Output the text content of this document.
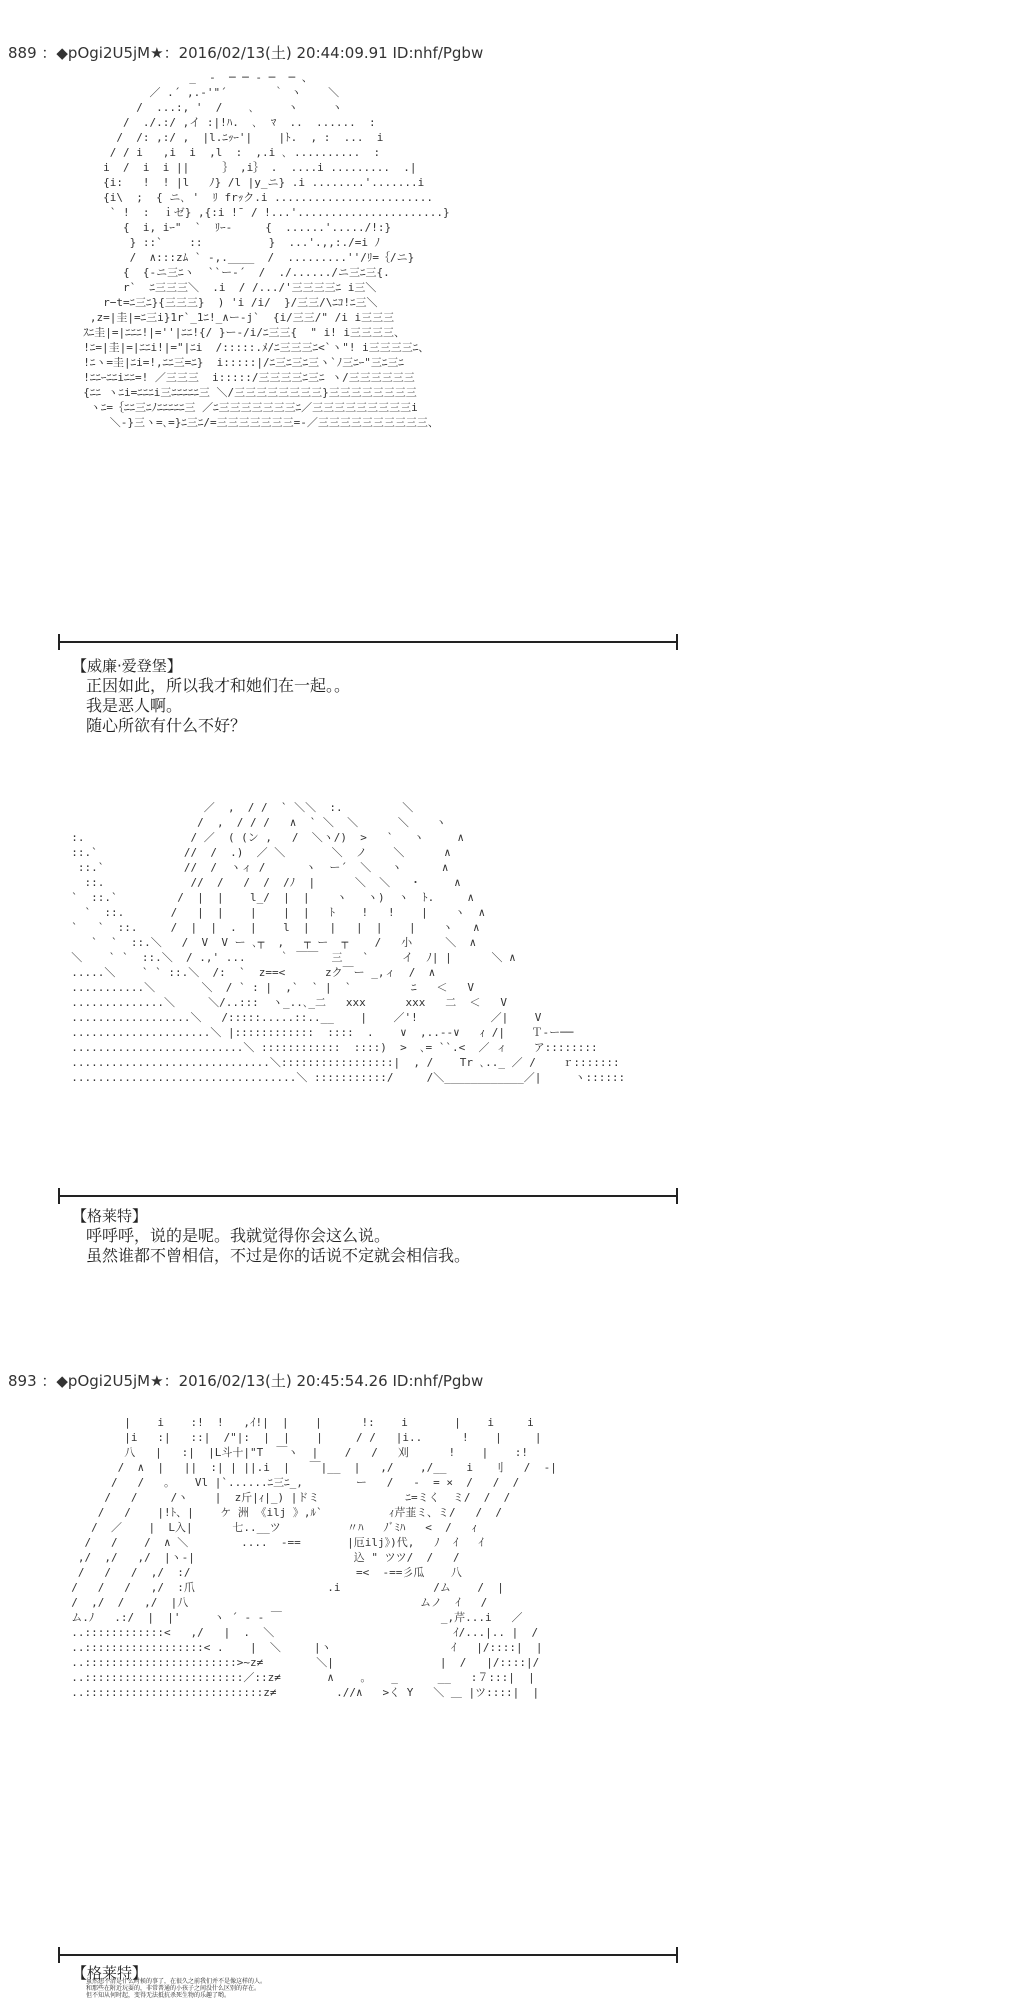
889 ：◆pOgi2U5jM★：2016/02/13(土) 20:44:09.91 ID:nhf/Pgbw
_  -  ─ ─ ‐ ─  ─ 、
／ .´ ,.‐'"´       ｀ ヽ    ＼
/  ...:, '  /    ､     ヽ     ヽ
/  ./.:/ ,イ :|!ﾊ.  ､  ﾏ  ..  ......  :
/  /: ,:/ ,  |l.ﾆｯｰ'|    |ﾄ.  , :  ...  i
/ / i   ,i  i  ,l  :  ,.i ､ ..........  :
i  /  i  i ||     ｝ ,i｝ .  ....i .........  .|
{i:   !  ! |l   ﾉ} /l |y_ニ} .i ........'.......i
{i\  ;  { ニ､ '  ﾘ frｯク.i ........................
` !  :  ｉゼ} ,{:i !¯ / !...'......................}
{  i, iｰ"  `  ﾘｰ-     {  ......'...../!:}
} ::`    ::          }  ...'.,,:./=i ﾉ
/  ∧:::zﾑ ` -,.____  /  .........''/ﾘ=｛/ニ}
{  {-ニ三ﾆヽ  ``ー‐´  /  ./....../ニ三ﾆ三{.
r`  ﾆ三三三＼  .i  / /.../'三三三三ﾆ i三＼
r−t=ﾆ三ﾆ}{三三三}  ) 'i /i/  }/三三/\ﾆｺ!ﾆ三＼
,z=|圭|=ﾆ三i}1r`_1ﾆ!_∧ー-j`  {i/三三/" /i i三三三
ｽﾆ圭|=|ﾆﾆﾆ!|=''|ﾆﾆ!{/ }ー-/i/ﾆ三三{  " i! i三三三三、
!ﾆ=|圭|=|ﾆﾆi!|="|ﾆi  /:::::.ﾒ/ﾆ三三三ﾆ<`ヽ"! i三三三三ﾆ、
!ﾆヽ=圭|ﾆi=!,ﾆﾆ三=ﾆ}  i:::::|/ﾆ三ﾆ三ﾆ三ヽ`ﾉ三ﾆｰ"三ﾆ三ﾆ
!ﾆﾆｰﾆﾆiﾆﾆ=! ／三三三  i:::::/三三三三ﾆ三ﾆ ヽ/三三三三三三
{ﾆﾆ ヽﾆi=ﾆﾆﾆi三ﾆﾆﾆﾆﾆ三 ＼/三三三三三三三三}三三三三三三三三
ヽﾆ=｛ﾆﾆ三ﾆﾉﾆﾆﾆﾆﾆ三 ／ﾆ三三三三三三三ﾆ／三三三三三三三三三i
＼-}三ヽ=､=}ﾆ三ﾆ/=三三三三三三三=-／三三三三三三三三三三、
【威廉·爱登堡】
正因如此，所以我才和她们在一起。。
我是恶人啊。
随心所欲有什么不好？
／  ,  / /  ` ＼＼  :.         ＼
/  ,  / / /   ∧  ` ＼  ＼      ＼    ヽ
:.                / ／  ( (ン ,   /  ＼ヽ/)  >   `   ヽ     ∧
::.`             //  /  .)  ／ ＼       ＼  ノ    ＼      ∧
::.`            //  /  ヽィ /      ヽ  ー´  ＼   ヽ      ∧
::.             //  /   /  /  /ﾉ  |      ＼  ＼   ・     ∧
`  ::.`         /  |  |    l_/  |  |    ヽ   ヽ)  ヽ  ﾄ.     ∧
`  ::.       /   |  |    |    |  |   ﾄ    !   !    |    ヽ  ∧
`   `  ::.     /  |  |  .  |    l  |   |   |  |    |    ヽ   ∧
`  `  ::.＼   /  V  V ー ､┬  ,   ┬ ー  ┬    /   小     ＼  ∧
＼    ` `  ::.＼  / .,' ...     ｀ ￣￣  三   `     イ  ﾉ| |      ＼ ∧
.....＼    ` ` ::.＼  /:  `  z==<      zク￣ー _,ィ  /  ∧
...........＼       ＼  / ` : |  ,`  ` |  `         ﾆ   ＜   V
..............＼     ＼/..:::  ヽ_..､_二   xxx      xxx   二  ＜   V
..................＼   /:::::.....::..__    |    ／'!           ／|    V
.....................＼ |::::::::::::  ::::  .    ∨  ,..‐‐∨   ｨ /|    Ｔ-ー──
..........................＼ ::::::::::::  ::::)  >  ､= ``.<  ／ ィ    ア::::::::
..............................＼:::::::::::::::::|  , /    Tr ､.._ ／ /    ｒ:::::::
..................................＼ :::::::::::/     /＼____________／|     ヽ::::::
【格莱特】
呼呼呼，说的是呢。我就觉得你会这么说。
虽然谁都不曾相信，不过是你的话说不定就会相信我。
893 ：◆pOgi2U5jM★：2016/02/13(土) 20:45:54.26 ID:nhf/Pgbw
|    i    :!  !   ,ｲ!|  |    |      !:    i       |    i     i
|i   :|   ::|  /"|:  |  |    |     / /   |i..      !    |     |
八   |   :|  |L斗十|"T  ￣ヽ  |    /   /   刈      !    |    :!
/  ∧  |   ||  :| | ||.i  |   ￣|__  |   ,/    ,/__   i   刂   /  -|
/   /   。   Vl |`......ﾆ三ﾆ_,        ー   /   ‐  = ×  /   /  /
/   /     /ヽ    |  z斤|ｨ|_) |ドミ             ﾆ=ミく  ミ/  /  /
/   /    |!ﾄ、|    ケ 洲 《ilj 》,ﾙ`          ｨ芹韮ミ、ミ/   /  /
/  ／    |  L入|      七..__ツ          〃ﾊ   ﾉﾞﾐﾊ   <  /   ｨ
/   /    /  ∧ ＼        ....  -==       |厄ilj》)代,   ﾉ  ｲ   ｲ
,/  ,/   ,/  |ヽ-|                        込 " ツツ/  /   /
/   /   /  ,/  :/                         =<  -==彡瓜    八
/   /   /   ,/  :爪                    .i              /ム    /  |
/  ,/  /   ,/  |八                                   ムノ  ｲ   /
ム.ﾉ   .:/  |  |'     ヽ ´ ‐ - ￣                        _,芹...i   ／
..::::::::::::<   ,/   |  .  ＼                           ｲ/...|.. |  /
..::::::::::::::::::< .    |  ＼     |ヽ                  ｲ   |/::::|  |
..:::::::::::::::::::::::>~z≠        ＼|                |  /   |/::::|/
..::::::::::::::::::::::::／::z≠       ∧    。   _      __   :７:::|  |
..:::::::::::::::::::::::::::z≠         .//∧   >く Y   ＼ ＿ |ツ::::|  |
【格莱特】
虽然想不清是什么时候的事了，在很久之前我们并不是像这样的人。
和那些在附近玩耍的，非常普通的小孩子之间没什么区别的存在。
但不知从何时起，变得无法抵抗杀死生物的乐趣了哟。
